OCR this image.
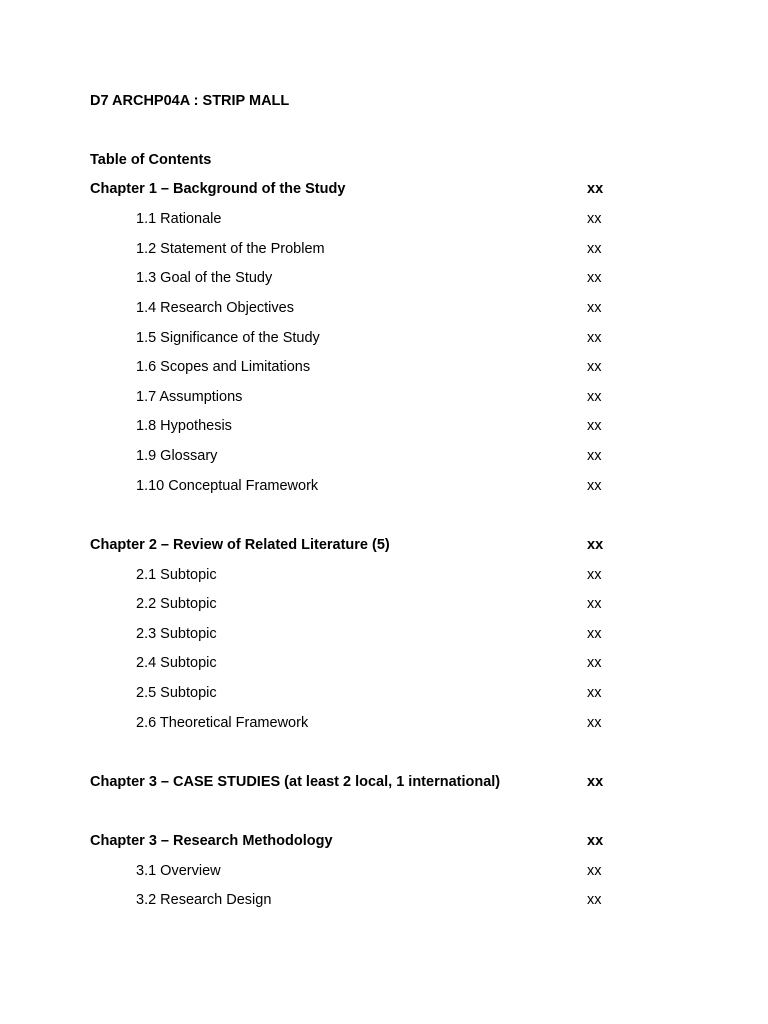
D7 ARCHP04A : STRIP MALL
Table of Contents
Chapter 1 – Background of the Study	xx
1.1 Rationale	xx
1.2 Statement of the Problem	xx
1.3 Goal of the Study	xx
1.4 Research Objectives	xx
1.5 Significance of the Study	xx
1.6 Scopes and Limitations	xx
1.7 Assumptions	xx
1.8 Hypothesis	xx
1.9 Glossary	xx
1.10 Conceptual Framework	xx
Chapter 2 – Review of Related Literature (5)	xx
2.1 Subtopic	xx
2.2 Subtopic	xx
2.3 Subtopic	xx
2.4 Subtopic	xx
2.5 Subtopic	xx
2.6 Theoretical Framework	xx
Chapter 3 – CASE STUDIES (at least 2 local, 1 international)	xx
Chapter 3 – Research Methodology	xx
3.1 Overview	xx
3.2 Research Design	xx
